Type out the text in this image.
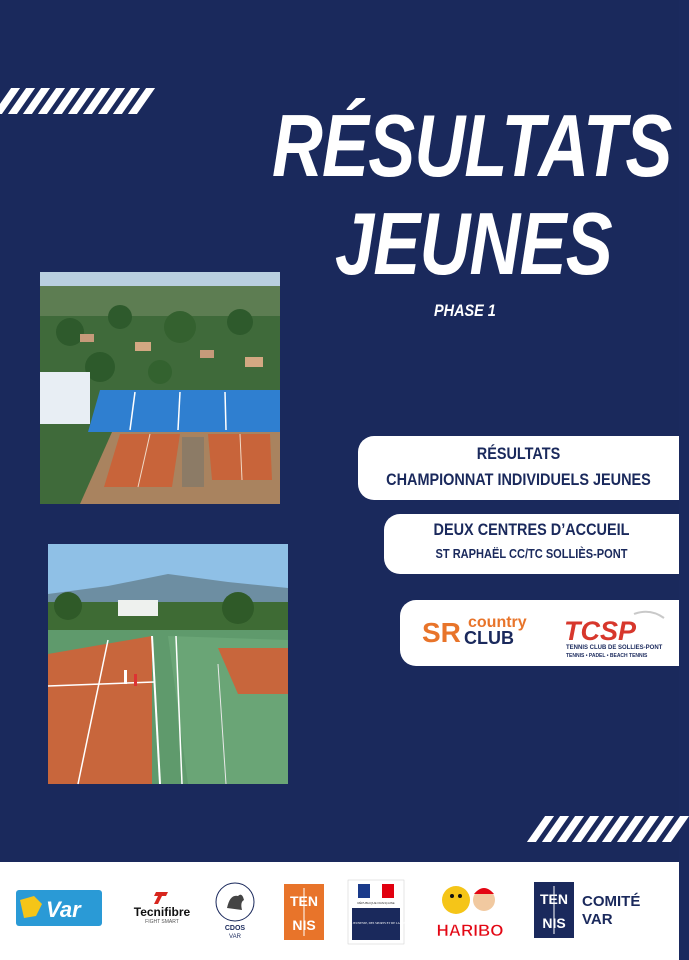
RÉSULTATS
JEUNES
PHASE 1
RÉSULTATS
CHAMPIONNAT INDIVIDUELS JEUNES
DEUX CENTRES D’ACCUEIL
ST RAPHAËL CC/TC SOLLIÈS-PONT
SR country
CLUB TCSP
TENNIS CLUB DE SOLLIES-PONT
TENNIS • PADEL • BEACH TENNIS
Var	Tecnifibre
FIGHT SMART
CDOS
VAR
TEN
NIS
RÉPUBLIQUE FRANÇAISE
MINISTÈRE DE LA JEUNESSE, DES SPORTS ET DE LA VIE ASSOCIATIVE HARIBO
TEN
NIS
COMITÉ
VAR
